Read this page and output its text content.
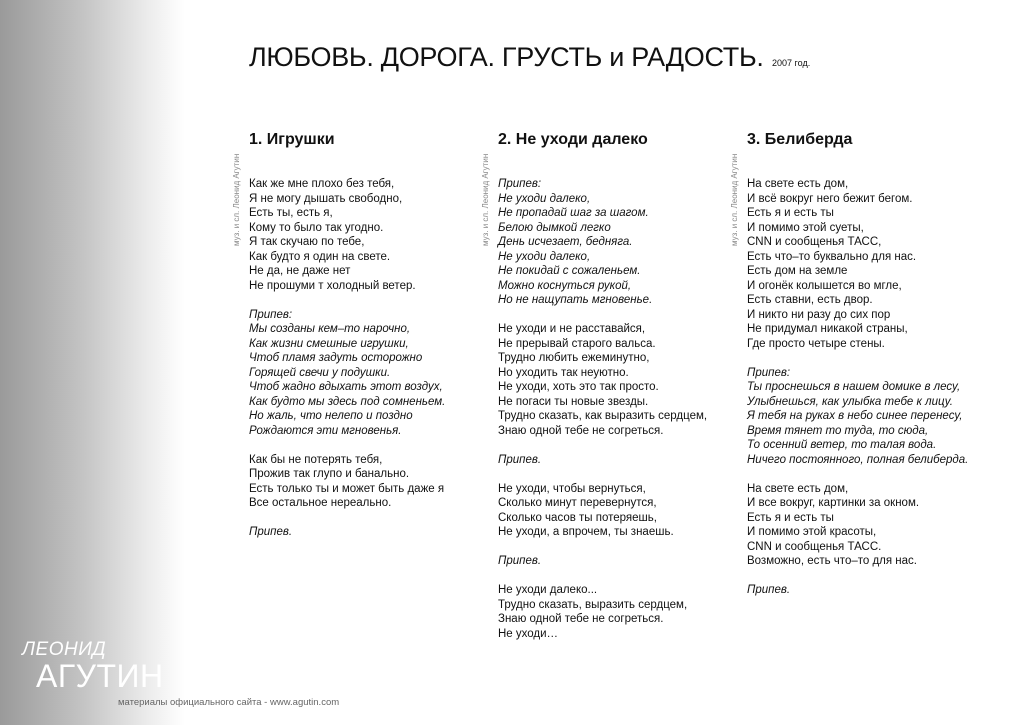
МУЗЫКА
(ТЕКСТЫ ПЕСЕН)
ЛЕОНИД
АГУТИН
материалы официального сайта - www.agutin.com
ЛЮБОВЬ. ДОРОГА. ГРУСТЬ и РАДОСТЬ. 2007 год.
муз. и сл. Леонид Агутин
1. Игрушки
Как же мне плохо без тебя,
Я не могу дышать свободно,
Есть ты, есть я,
Кому то было так угодно.
Я так скучаю по тебе,
Как будто я один на свете.
Не да, не даже нет
Не прошуми т холодный ветер.
Припев:
Мы созданы кем–то нарочно,
Как жизни смешные игрушки,
Чтоб пламя задуть осторожно
Горящей свечи у подушки.
Чтоб жадно вдыхать этот воздух,
Как будто мы здесь под сомненьем.
Но жаль, что нелепо и поздно
Рождаются эти мгновенья.
Как бы не потерять тебя,
Прожив так глупо и банально.
Есть только ты и может быть даже я
Все остальное нереально.
Припев.
муз. и сл. Леонид Агутин
2. Не уходи далеко
Припев:
Не уходи далеко,
Не пропадай шаг за шагом.
Белою дымкой легко
День исчезает, бедняга.
Не уходи далеко,
Не покидай с сожаленьем.
Можно коснуться рукой,
Но не нащупать мгновенье.
Не уходи и не расставайся,
Не прерывай старого вальса.
Трудно любить ежеминутно,
Но уходить так неуютно.
Не уходи, хоть это так просто.
Не погаси ты новые звезды.
Трудно сказать, как выразить сердцем,
Знаю одной тебе не согреться.
Припев.
Не уходи, чтобы вернуться,
Сколько минут перевернутся,
Сколько часов ты потеряешь,
Не уходи, а впрочем, ты знаешь.
Припев.
Не уходи далеко...
Трудно сказать, выразить сердцем,
Знаю одной тебе не согреться.
Не уходи…
муз. и сл. Леонид Агутин
3. Белиберда
На свете есть дом,
И всё вокруг него бежит бегом.
Есть я и есть ты
И помимо этой суеты,
CNN и сообщенья ТАСС,
Есть что–то буквально для нас.
Есть дом на земле
И огонёк колышется во мгле,
Есть ставни, есть двор.
И никто ни разу до сих пор
Не придумал никакой страны,
Где просто четыре стены.
Припев:
Ты проснешься в нашем домике в лесу,
Улыбнешься, как улыбка тебе к лицу.
Я тебя на руках в небо синее перенесу,
Время тянет то туда, то сюда,
То осенний ветер, то талая вода.
Ничего постоянного, полная белиберда.
На свете есть дом,
И все вокруг, картинки за окном.
Есть я и есть ты
И помимо этой красоты,
CNN и сообщенья ТАСС.
Возможно, есть что–то для нас.
Припев.
